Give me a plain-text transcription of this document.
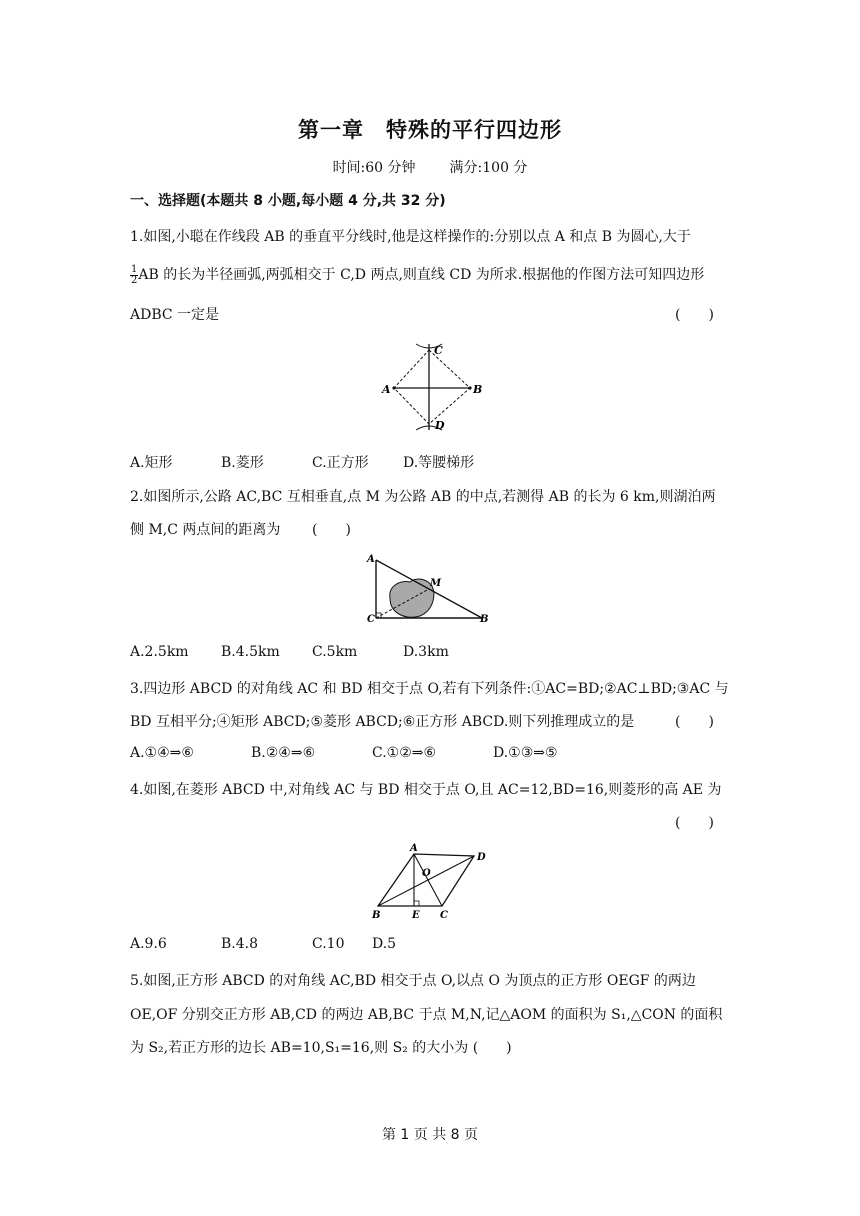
第一章　特殊的平行四边形
时间:60 分钟 满分:100 分
一、选择题(本题共 8 小题,每小题 4 分,共 32 分)
1.如图,小聪在作线段 AB 的垂直平分线时,他是这样操作的:分别以点 A 和点 B 为圆心,大于
$\frac{1}{2}$ AB 的长为半径画弧,两弧相交于 C,D 两点,则直线 CD 为所求.根据他的作图方法可知四边形
ADBC 一定是	(　　)
A	B
C
D
A.矩形	B.菱形	C.正方形 D.等腰梯形
2.如图所示,公路 AC,BC 互相垂直,点 M 为公路 AB 的中点,若测得 AB 的长为 6 km,则湖泊两
侧 M,C 两点间的距离为 (　　)
A
M
C	B
A.2.5km B.4.5km C.5km	D.3km
3.四边形 ABCD 的对角线 AC 和 BD 相交于点 O,若有下列条件:①AC=BD;②AC⊥BD;③AC 与
BD 互相平分;④矩形 ABCD;⑤菱形 ABCD;⑥正方形 ABCD.则下列推理成立的是	(　　)
A.①④⇒⑥	B.②④⇒⑥	C.①②⇒⑥	D.①③⇒⑤
4.如图,在菱形 ABCD 中,对角线 AC 与 BD 相交于点 O,且 AC=12,BD=16,则菱形的高 AE 为
(　　)
A
D
O
B	E C
A.9.6	B.4.8	C.10 D.5
5.如图,正方形 ABCD 的对角线 AC,BD 相交于点 O,以点 O 为顶点的正方形 OEGF 的两边
OE,OF 分别交正方形 AB,CD 的两边 AB,BC 于点 M,N,记△AOM 的面积为 S₁,△CON 的面积
为 S₂,若正方形的边长 AB=10,S₁=16,则 S₂ 的大小为 (　　)
第 1 页 共 8 页
